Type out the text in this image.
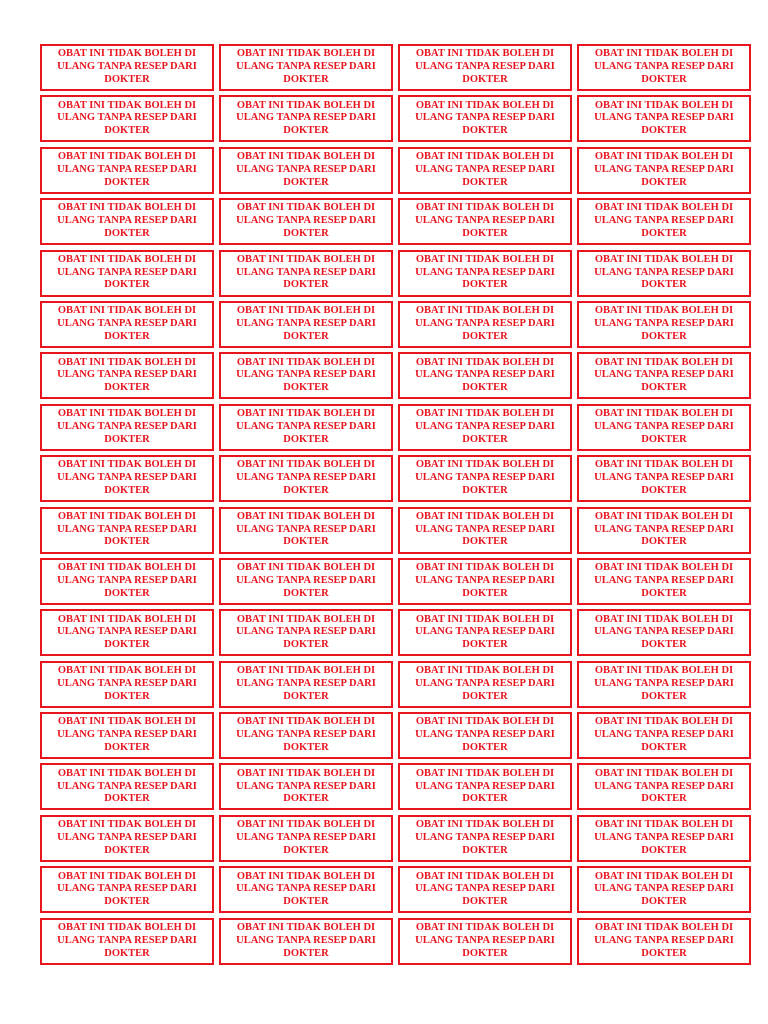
OBAT INI TIDAK BOLEH DI
ULANG TANPA RESEP DARI
DOKTER
OBAT INI TIDAK BOLEH DI
ULANG TANPA RESEP DARI
DOKTER
OBAT INI TIDAK BOLEH DI
ULANG TANPA RESEP DARI
DOKTER
OBAT INI TIDAK BOLEH DI
ULANG TANPA RESEP DARI
DOKTER
OBAT INI TIDAK BOLEH DI
ULANG TANPA RESEP DARI
DOKTER
OBAT INI TIDAK BOLEH DI
ULANG TANPA RESEP DARI
DOKTER
OBAT INI TIDAK BOLEH DI
ULANG TANPA RESEP DARI
DOKTER
OBAT INI TIDAK BOLEH DI
ULANG TANPA RESEP DARI
DOKTER
OBAT INI TIDAK BOLEH DI
ULANG TANPA RESEP DARI
DOKTER
OBAT INI TIDAK BOLEH DI
ULANG TANPA RESEP DARI
DOKTER
OBAT INI TIDAK BOLEH DI
ULANG TANPA RESEP DARI
DOKTER
OBAT INI TIDAK BOLEH DI
ULANG TANPA RESEP DARI
DOKTER
OBAT INI TIDAK BOLEH DI
ULANG TANPA RESEP DARI
DOKTER
OBAT INI TIDAK BOLEH DI
ULANG TANPA RESEP DARI
DOKTER
OBAT INI TIDAK BOLEH DI
ULANG TANPA RESEP DARI
DOKTER
OBAT INI TIDAK BOLEH DI
ULANG TANPA RESEP DARI
DOKTER
OBAT INI TIDAK BOLEH DI
ULANG TANPA RESEP DARI
DOKTER
OBAT INI TIDAK BOLEH DI
ULANG TANPA RESEP DARI
DOKTER
OBAT INI TIDAK BOLEH DI
ULANG TANPA RESEP DARI
DOKTER
OBAT INI TIDAK BOLEH DI
ULANG TANPA RESEP DARI
DOKTER
OBAT INI TIDAK BOLEH DI
ULANG TANPA RESEP DARI
DOKTER
OBAT INI TIDAK BOLEH DI
ULANG TANPA RESEP DARI
DOKTER
OBAT INI TIDAK BOLEH DI
ULANG TANPA RESEP DARI
DOKTER
OBAT INI TIDAK BOLEH DI
ULANG TANPA RESEP DARI
DOKTER
OBAT INI TIDAK BOLEH DI
ULANG TANPA RESEP DARI
DOKTER
OBAT INI TIDAK BOLEH DI
ULANG TANPA RESEP DARI
DOKTER
OBAT INI TIDAK BOLEH DI
ULANG TANPA RESEP DARI
DOKTER
OBAT INI TIDAK BOLEH DI
ULANG TANPA RESEP DARI
DOKTER
OBAT INI TIDAK BOLEH DI
ULANG TANPA RESEP DARI
DOKTER
OBAT INI TIDAK BOLEH DI
ULANG TANPA RESEP DARI
DOKTER
OBAT INI TIDAK BOLEH DI
ULANG TANPA RESEP DARI
DOKTER
OBAT INI TIDAK BOLEH DI
ULANG TANPA RESEP DARI
DOKTER
OBAT INI TIDAK BOLEH DI
ULANG TANPA RESEP DARI
DOKTER
OBAT INI TIDAK BOLEH DI
ULANG TANPA RESEP DARI
DOKTER
OBAT INI TIDAK BOLEH DI
ULANG TANPA RESEP DARI
DOKTER
OBAT INI TIDAK BOLEH DI
ULANG TANPA RESEP DARI
DOKTER
OBAT INI TIDAK BOLEH DI
ULANG TANPA RESEP DARI
DOKTER
OBAT INI TIDAK BOLEH DI
ULANG TANPA RESEP DARI
DOKTER
OBAT INI TIDAK BOLEH DI
ULANG TANPA RESEP DARI
DOKTER
OBAT INI TIDAK BOLEH DI
ULANG TANPA RESEP DARI
DOKTER
OBAT INI TIDAK BOLEH DI
ULANG TANPA RESEP DARI
DOKTER
OBAT INI TIDAK BOLEH DI
ULANG TANPA RESEP DARI
DOKTER
OBAT INI TIDAK BOLEH DI
ULANG TANPA RESEP DARI
DOKTER
OBAT INI TIDAK BOLEH DI
ULANG TANPA RESEP DARI
DOKTER
OBAT INI TIDAK BOLEH DI
ULANG TANPA RESEP DARI
DOKTER
OBAT INI TIDAK BOLEH DI
ULANG TANPA RESEP DARI
DOKTER
OBAT INI TIDAK BOLEH DI
ULANG TANPA RESEP DARI
DOKTER
OBAT INI TIDAK BOLEH DI
ULANG TANPA RESEP DARI
DOKTER
OBAT INI TIDAK BOLEH DI
ULANG TANPA RESEP DARI
DOKTER
OBAT INI TIDAK BOLEH DI
ULANG TANPA RESEP DARI
DOKTER
OBAT INI TIDAK BOLEH DI
ULANG TANPA RESEP DARI
DOKTER
OBAT INI TIDAK BOLEH DI
ULANG TANPA RESEP DARI
DOKTER
OBAT INI TIDAK BOLEH DI
ULANG TANPA RESEP DARI
DOKTER
OBAT INI TIDAK BOLEH DI
ULANG TANPA RESEP DARI
DOKTER
OBAT INI TIDAK BOLEH DI
ULANG TANPA RESEP DARI
DOKTER
OBAT INI TIDAK BOLEH DI
ULANG TANPA RESEP DARI
DOKTER
OBAT INI TIDAK BOLEH DI
ULANG TANPA RESEP DARI
DOKTER
OBAT INI TIDAK BOLEH DI
ULANG TANPA RESEP DARI
DOKTER
OBAT INI TIDAK BOLEH DI
ULANG TANPA RESEP DARI
DOKTER
OBAT INI TIDAK BOLEH DI
ULANG TANPA RESEP DARI
DOKTER
OBAT INI TIDAK BOLEH DI
ULANG TANPA RESEP DARI
DOKTER
OBAT INI TIDAK BOLEH DI
ULANG TANPA RESEP DARI
DOKTER
OBAT INI TIDAK BOLEH DI
ULANG TANPA RESEP DARI
DOKTER
OBAT INI TIDAK BOLEH DI
ULANG TANPA RESEP DARI
DOKTER
OBAT INI TIDAK BOLEH DI
ULANG TANPA RESEP DARI
DOKTER
OBAT INI TIDAK BOLEH DI
ULANG TANPA RESEP DARI
DOKTER
OBAT INI TIDAK BOLEH DI
ULANG TANPA RESEP DARI
DOKTER
OBAT INI TIDAK BOLEH DI
ULANG TANPA RESEP DARI
DOKTER
OBAT INI TIDAK BOLEH DI
ULANG TANPA RESEP DARI
DOKTER
OBAT INI TIDAK BOLEH DI
ULANG TANPA RESEP DARI
DOKTER
OBAT INI TIDAK BOLEH DI
ULANG TANPA RESEP DARI
DOKTER
OBAT INI TIDAK BOLEH DI
ULANG TANPA RESEP DARI
DOKTER
